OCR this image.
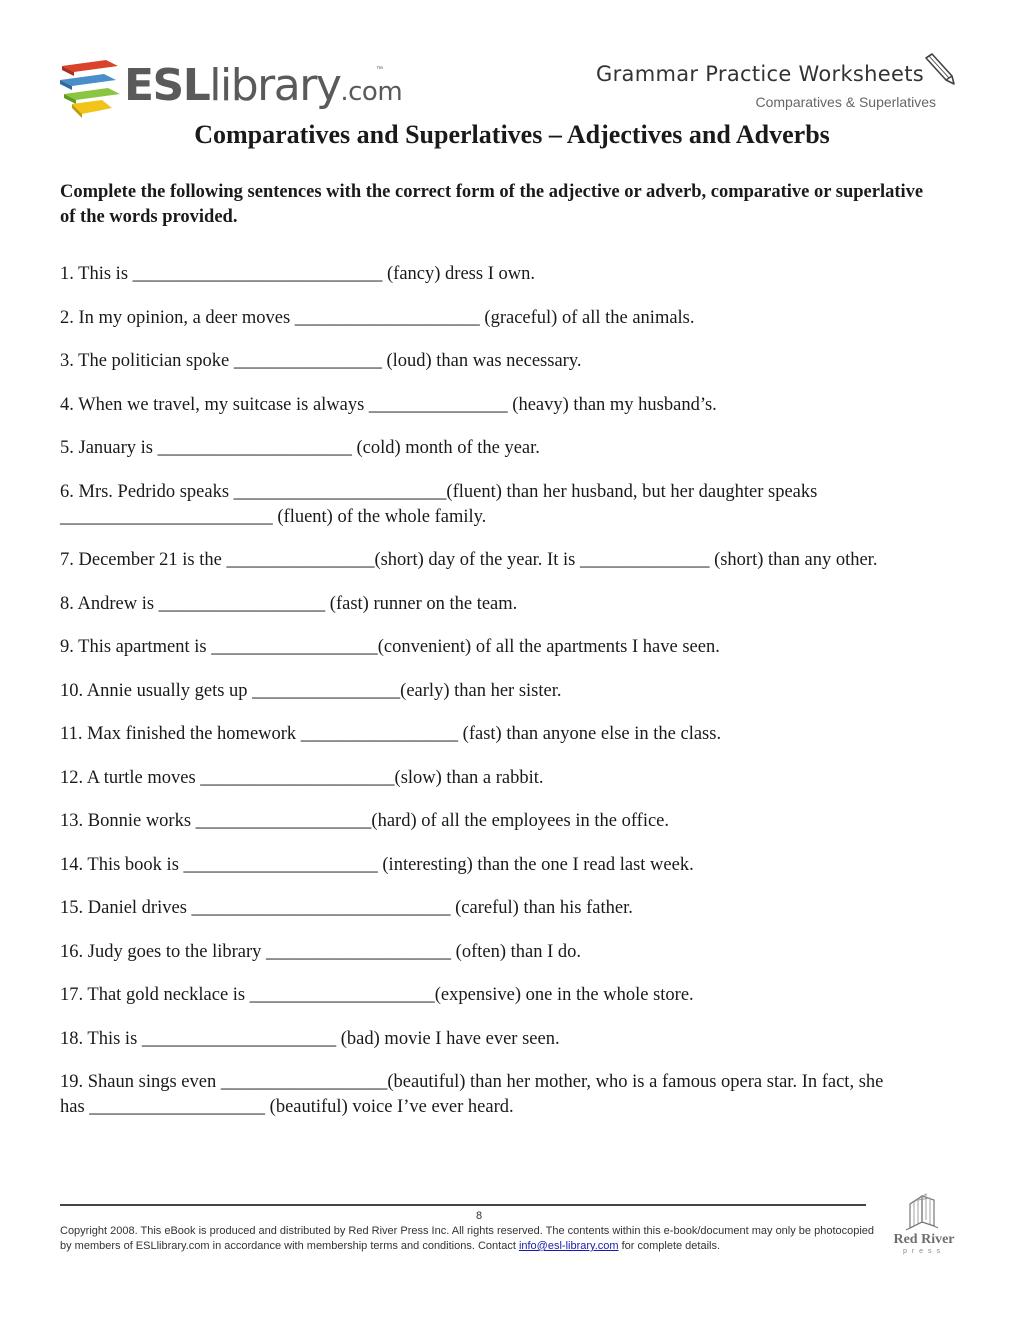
ESLlibrary.com
™	Grammar Practice Worksheets
Comparatives & Superlatives
Comparatives and Superlatives – Adjectives and Adverbs
Complete the following sentences with the correct form of the adjective or adverb, comparative or superlative of the words provided.
1. This is ___________________________ (fancy) dress I own.
2. In my opinion, a deer moves ____________________ (graceful) of all the animals.
3. The politician spoke ________________ (loud) than was necessary.
4. When we travel, my suitcase is always _______________ (heavy) than my husband’s.
5. January is _____________________ (cold) month of the year.
6. Mrs. Pedrido speaks _______________________(fluent) than her husband, but her daughter speaks
_______________________ (fluent) of the whole family.
7. December 21 is the ________________(short) day of the year. It is ______________ (short) than any other.
8. Andrew is __________________ (fast) runner on the team.
9. This apartment is __________________(convenient) of all the apartments I have seen.
10. Annie usually gets up ________________(early) than her sister.
11. Max finished the homework _________________ (fast) than anyone else in the class.
12. A turtle moves _____________________(slow) than a rabbit.
13. Bonnie works ___________________(hard) of all the employees in the office.
14. This book is _____________________ (interesting) than the one I read last week.
15. Daniel drives ____________________________ (careful) than his father.
16. Judy goes to the library ____________________ (often) than I do.
17. That gold necklace is ____________________(expensive) one in the whole store.
18. This is _____________________ (bad) movie I have ever seen.
19. Shaun sings even __________________(beautiful) than her mother, who is a famous opera star. In fact, she
has ___________________ (beautiful) voice I’ve ever heard.
8
Copyright 2008. This eBook is produced and distributed by Red River Press Inc. All rights reserved. The contents within this e-book/document may only be photocopied by members of ESLlibrary.com in accordance with membership terms and conditions. Contact info@esl-library.com for complete details.	Red River
press
